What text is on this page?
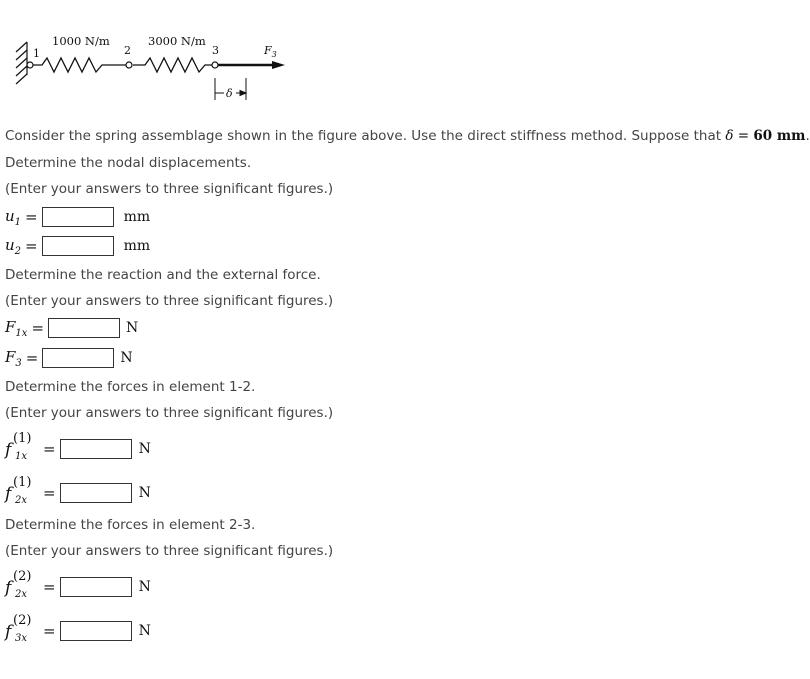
1000 N/m	3000 N/m
1	2	3	$F_3$
δ
Consider the spring assemblage shown in the figure above. Use the direct stiffness method. Suppose that δ = 60 mm.
Determine the nodal displacements.
(Enter your answers to three significant figures.)
$u_1$ =	mm
$u_2$ =	mm
Determine the reaction and the external force.
(Enter your answers to three significant figures.)
$F_{1x}$ =	N
$F_3$ =	N
Determine the forces in element 1-2.
(Enter your answers to three significant figures.)
f
(1)
1x =	N
f
(1)
2x =	N
Determine the forces in element 2-3.
(Enter your answers to three significant figures.)
f
(2)
2x =	N
f
(2)
3x =	N
